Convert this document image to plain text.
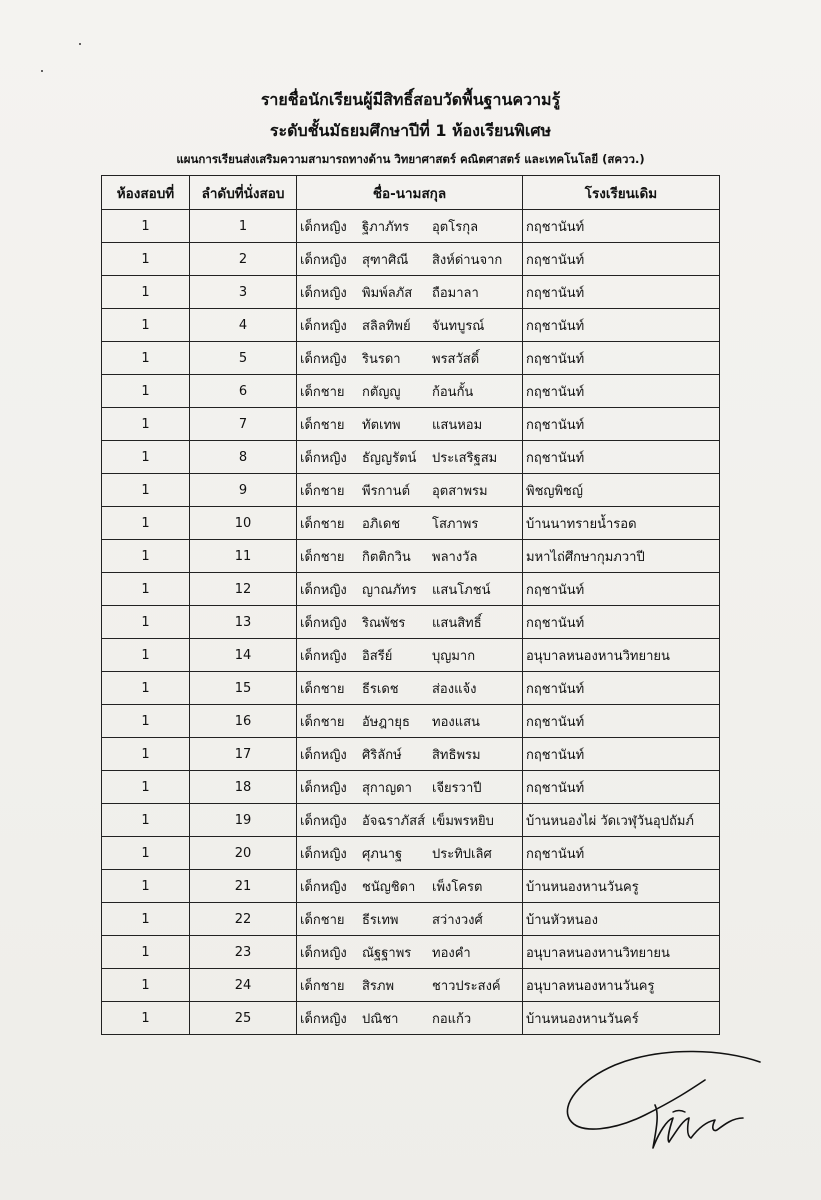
รายชื่อนักเรียนผู้มีสิทธิ์สอบวัดพื้นฐานความรู้
ระดับชั้นมัธยมศึกษาปีที่ 1 ห้องเรียนพิเศษ
แผนการเรียนส่งเสริมความสามารถทางด้าน วิทยาศาสตร์ คณิตศาสตร์ และเทคโนโลยี (สควว.)
ห้องสอบที่	ลำดับที่นั่งสอบ	ชื่อ-นามสกุล	โรงเรียนเดิม
1	1	เด็กหญิง ฐิภาภัทร อุตโรกุล	กฤชานันท์
1	2	เด็กหญิง สุฑาศิณี สิงห์ด่านจาก	กฤชานันท์
1	3	เด็กหญิง พิมพ์ลภัส ถือมาลา	กฤชานันท์
1	4	เด็กหญิง สลิลทิพย์ จันทบูรณ์	กฤชานันท์
1	5	เด็กหญิง รินรดา พรสวัสดิ์	กฤชานันท์
1	6	เด็กชาย กตัญญู ก้อนกั้น	กฤชานันท์
1	7	เด็กชาย ทัตเทพ แสนหอม	กฤชานันท์
1	8	เด็กหญิง ธัญญรัตน์ ประเสริฐสม	กฤชานันท์
1	9	เด็กชาย พีรกานต์ อุตสาพรม	พิชญพิชญ์
1	10	เด็กชาย อภิเดช โสภาพร	บ้านนาทรายน้ำรอด
1	11	เด็กชาย กิตติกวิน พลางวัล	มหาไถ่ศึกษากุมภวาปี
1	12	เด็กหญิง ญาณภัทร แสนโภชน์	กฤชานันท์
1	13	เด็กหญิง ริณพัชร แสนสิทธิ์	กฤชานันท์
1	14	เด็กหญิง อิสรีย์ บุญมาก	อนุบาลหนองหานวิทยายน
1	15	เด็กชาย ธีรเดช ส่องแจ้ง	กฤชานันท์
1	16	เด็กชาย อัษฎายุธ ทองแสน	กฤชานันท์
1	17	เด็กหญิง ศิริลักษ์ สิทธิพรม	กฤชานันท์
1	18	เด็กหญิง สุกาญดา เจียรวาปี	กฤชานันท์
1	19	เด็กหญิง อัจฉราภัสส์ เข็มพรหยิบ	บ้านหนองไผ่ วัดเวฬุวันอุปถัมภ์
1	20	เด็กหญิง ศุภนาฐ ประทิปเลิศ	กฤชานันท์
1	21	เด็กหญิง ชนัญชิดา เพ็งโครต	บ้านหนองหานวันครู
1	22	เด็กชาย ธีรเทพ สว่างวงศ์	บ้านหัวหนอง
1	23	เด็กหญิง ณัฐฐาพร ทองคำ	อนุบาลหนองหานวิทยายน
1	24	เด็กชาย สิรภพ ชาวประสงค์	อนุบาลหนองหานวันครู
1	25	เด็กหญิง ปณิชา กอแก้ว	บ้านหนองหานวันคร์
